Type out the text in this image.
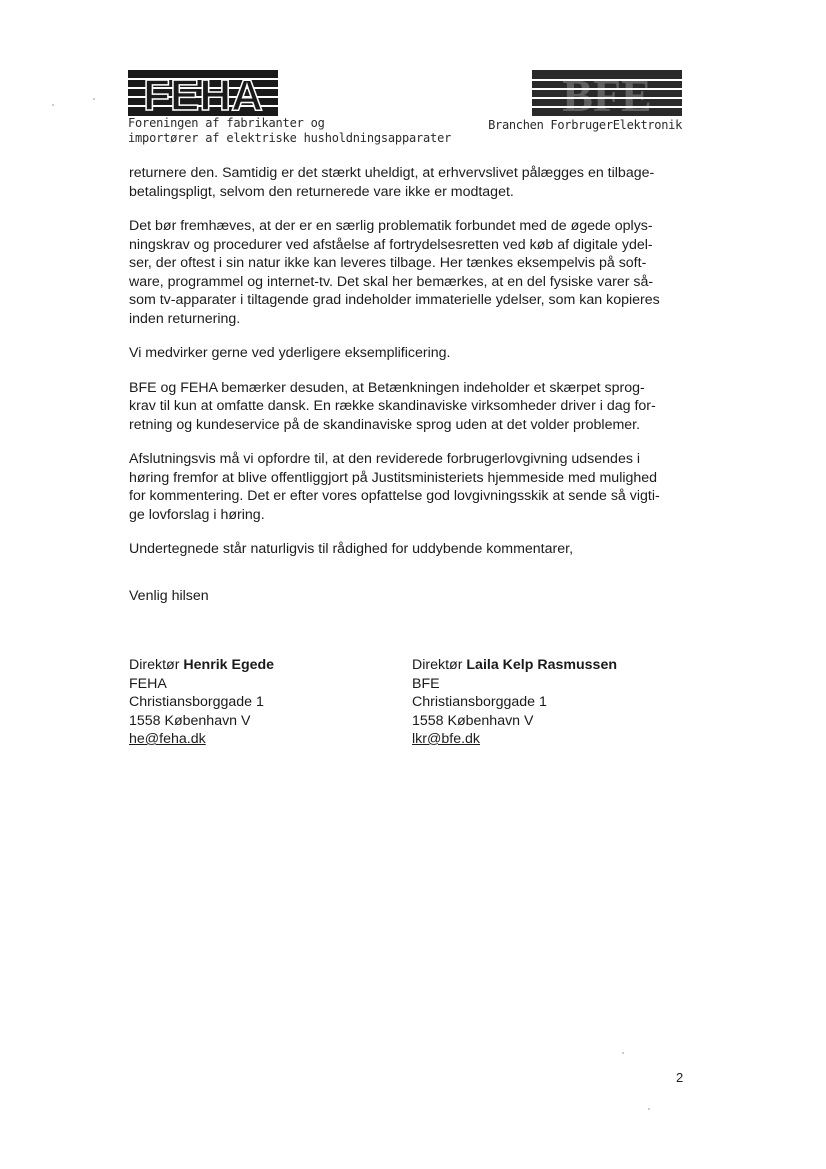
FEHA
Foreningen af fabrikanter og
importører af elektriske husholdningsapparater
BFE
Branchen ForbrugerElektronik

returnere den. Samtidig er det stærkt uheldigt, at erhvervslivet pålægges en tilbage-
betalingspligt, selvom den returnerede vare ikke er modtaget.

Det bør fremhæves, at der er en særlig problematik forbundet med de øgede oplys-
ningskrav og procedurer ved afståelse af fortrydelsesretten ved køb af digitale ydel-
ser, der oftest i sin natur ikke kan leveres tilbage. Her tænkes eksempelvis på soft-
ware, programmel og internet-tv. Det skal her bemærkes, at en del fysiske varer så-
som tv-apparater i tiltagende grad indeholder immaterielle ydelser, som kan kopieres
inden returnering.

Vi medvirker gerne ved yderligere eksemplificering.

BFE og FEHA bemærker desuden, at Betænkningen indeholder et skærpet sprog-
krav til kun at omfatte dansk. En række skandinaviske virksomheder driver i dag for-
retning og kundeservice på de skandinaviske sprog uden at det volder problemer.

Afslutningsvis må vi opfordre til, at den reviderede forbrugerlovgivning udsendes i
høring fremfor at blive offentliggjort på Justitsministeriets hjemmeside med mulighed
for kommentering. Det er efter vores opfattelse god lovgivningsskik at sende så vigti-
ge lovforslag i høring.

Undertegnede står naturligvis til rådighed for uddybende kommentarer,

Venlig hilsen
Direktør Henrik Egede
FEHA
Christiansborggade 1
1558 København V
he@feha.dk
Direktør Laila Kelp Rasmussen
BFE
Christiansborggade 1
1558 København V
lkr@bfe.dk
2
